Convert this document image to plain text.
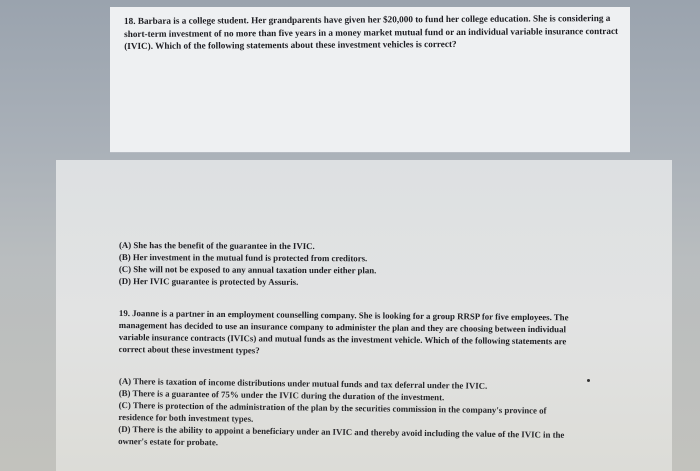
18. Barbara is a college student. Her grandparents have given her $20,000 to fund her college education. She is considering a short-term investment of no more than five years in a money market mutual fund or an individual variable insurance contract (IVIC). Which of the following statements about these investment vehicles is correct?

(A) She has the benefit of the guarantee in the IVIC.

(B) Her investment in the mutual fund is protected from creditors.

(C) She will not be exposed to any annual taxation under either plan.

(D) Her IVIC guarantee is protected by Assuris.

19. Joanne is a partner in an employment counselling company. She is looking for a group RRSP for five employees. The management has decided to use an insurance company to administer the plan and they are choosing between individual variable insurance contracts (IVICs) and mutual funds as the investment vehicle. Which of the following statements are correct about these investment types?

(A) There is taxation of income distributions under mutual funds and tax deferral under the IVIC.

(B) There is a guarantee of 75% under the IVIC during the duration of the investment.

(C) There is protection of the administration of the plan by the securities commission in the company's province of residence for both investment types.

(D) There is the ability to appoint a beneficiary under an IVIC and thereby avoid including the value of the IVIC in the owner's estate for probate.
